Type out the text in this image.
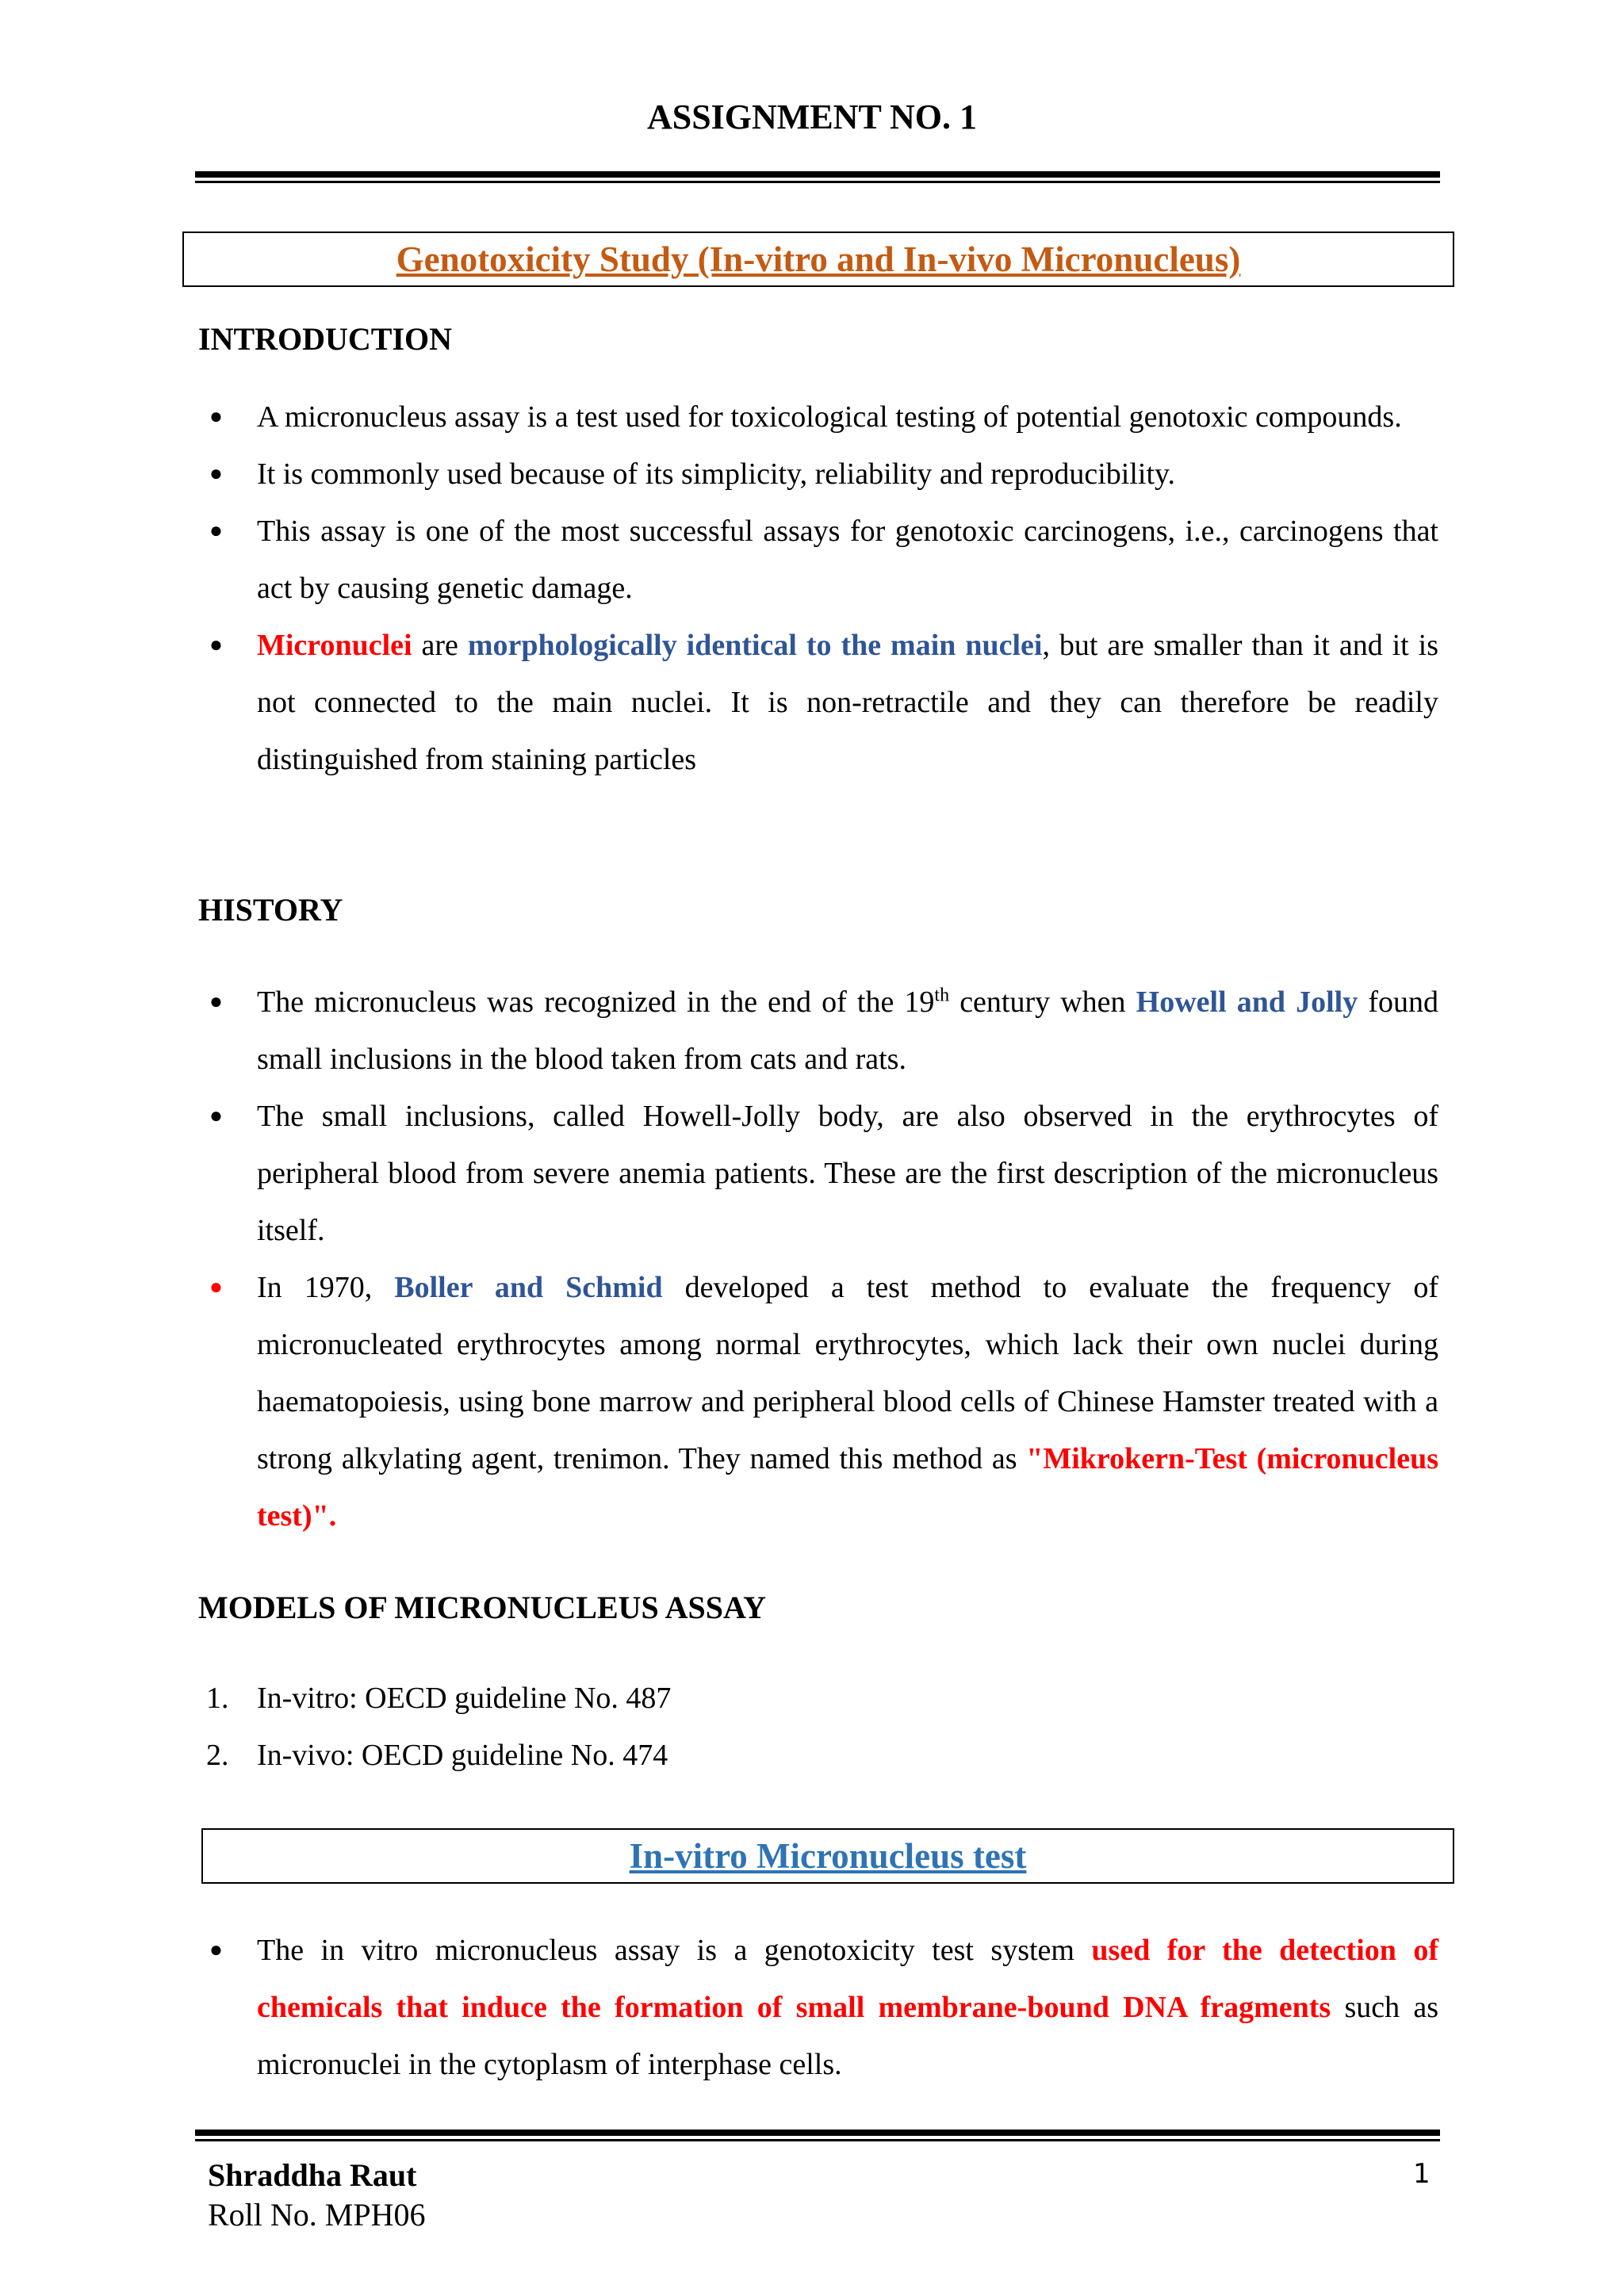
ASSIGNMENT NO. 1
Genotoxicity Study (In-vitro and In-vivo Micronucleus)
INTRODUCTION
● A micronucleus assay is a test used for toxicological testing of potential genotoxic compounds.
● It is commonly used because of its simplicity, reliability and reproducibility.
● This assay is one of the most successful assays for genotoxic carcinogens, i.e., carcinogens that act by causing genetic damage.
● Micronuclei are morphologically identical to the main nuclei, but are smaller than it and it is not connected to the main nuclei. It is non-retractile and they can therefore be readily distinguished from staining particles
HISTORY
● The micronucleus was recognized in the end of the 19th century when Howell and Jolly found small inclusions in the blood taken from cats and rats.
● The small inclusions, called Howell-Jolly body, are also observed in the erythrocytes of peripheral blood from severe anemia patients. These are the first description of the micronucleus itself.
● In 1970, Boller and Schmid developed a test method to evaluate the frequency of micronucleated erythrocytes among normal erythrocytes, which lack their own nuclei during haematopoiesis, using bone marrow and peripheral blood cells of Chinese Hamster treated with a strong alkylating agent, trenimon. They named this method as "Mikrokern-Test (micronucleus test)".
MODELS OF MICRONUCLEUS ASSAY
1. In-vitro: OECD guideline No. 487
2. In-vivo: OECD guideline No. 474
In-vitro Micronucleus test
● The in vitro micronucleus assay is a genotoxicity test system used for the detection of chemicals that induce the formation of small membrane-bound DNA fragments such as micronuclei in the cytoplasm of interphase cells.
Shraddha Raut
Roll No. MPH06
1
